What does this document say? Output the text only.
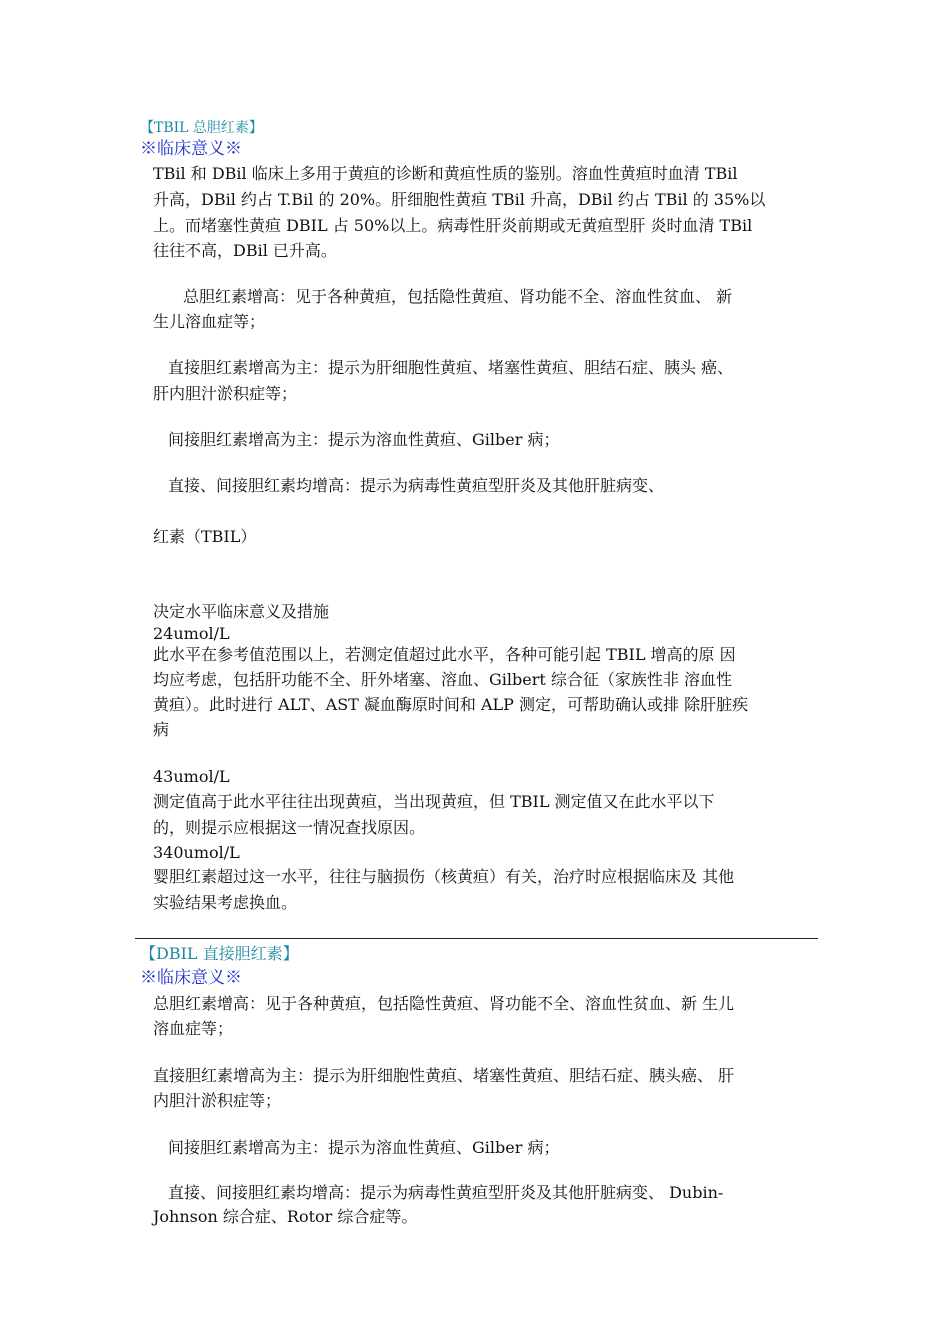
【TBIL 总胆红素】
※临床意义※
TBil 和 DBil 临床上多用于黄疸的诊断和黄疸性质的鉴别。溶血性黄疸时血清 TBil
升高，DBil 约占 T.Bil 的 20%。肝细胞性黄疸 TBil 升高，DBil 约占 TBil 的 35%以
上。而堵塞性黄疸 DBIL 占 50%以上。病毒性肝炎前期或无黄疸型肝 炎时血清 TBil
往往不高，DBil 已升高。
总胆红素增高：见于各种黄疸，包括隐性黄疸、肾功能不全、溶血性贫血、 新
生儿溶血症等；
直接胆红素增高为主：提示为肝细胞性黄疸、堵塞性黄疸、胆结石症、胰头 癌、
肝内胆汁淤积症等；
间接胆红素增高为主：提示为溶血性黄疸、Gilber 病；
直接、间接胆红素均增高：提示为病毒性黄疸型肝炎及其他肝脏病变、
红素（TBIL）
决定水平临床意义及措施
24umol/L
此水平在参考值范围以上，若测定值超过此水平，各种可能引起 TBIL 增高的原 因
均应考虑，包括肝功能不全、肝外堵塞、溶血、Gilbert 综合征（家族性非 溶血性
黄疸）。此时进行 ALT、AST 凝血酶原时间和 ALP 测定，可帮助确认或排 除肝脏疾
病
43umol/L
测定值高于此水平往往出现黄疸，当出现黄疸，但 TBIL 测定值又在此水平以下
的，则提示应根据这一情况查找原因。
340umol/L
婴胆红素超过这一水平，往往与脑损伤（核黄疸）有关，治疗时应根据临床及 其他
实验结果考虑换血。
【DBIL 直接胆红素】
※临床意义※
总胆红素增高：见于各种黄疸，包括隐性黄疸、肾功能不全、溶血性贫血、新 生儿
溶血症等；
直接胆红素增高为主：提示为肝细胞性黄疸、堵塞性黄疸、胆结石症、胰头癌、 肝
内胆汁淤积症等；
间接胆红素增高为主：提示为溶血性黄疸、Gilber 病；
直接、间接胆红素均增高：提示为病毒性黄疸型肝炎及其他肝脏病变、 Dubin-
Johnson 综合症、Rotor 综合症等。
